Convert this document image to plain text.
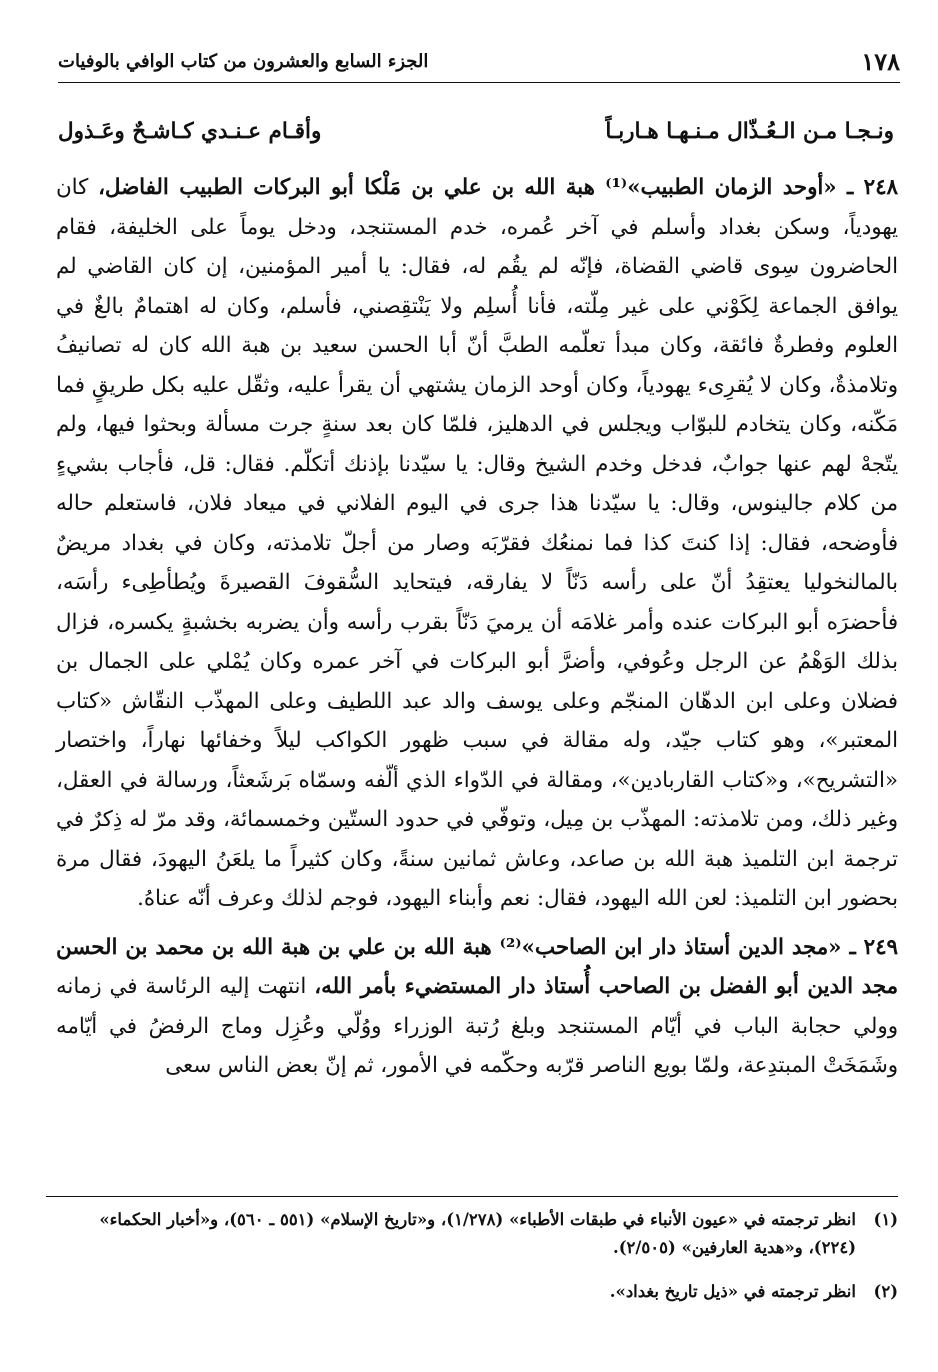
١٧٨
الجزء السابع والعشرون من كتاب الوافي بالوفيات
ونـجـا مـن الـعُـذّال مـنـهـا هـاربـاً
وأقـام عـنـدي كـاشـحٌ وعَـذول

٢٤٨ ـ «أوحد الزمان الطبيب»⁽¹⁾ هبة الله بن علي بن مَلْكا أبو البركات الطبيب الفاضل، كان يهودياً، وسكن بغداد وأسلم في آخر عُمره، خدم المستنجد، ودخل يوماً على الخليفة، فقام الحاضرون سِوى قاضي القضاة، فإنّه لم يقُم له، فقال: يا أمير المؤمنين، إن كان القاضي لم يوافق الجماعة لِكَوْني على غير مِلّته، فأنا أُسلِم ولا يَنْتقِصني، فأسلم، وكان له اهتمامٌ بالغٌ في العلوم وفطرةٌ فائقة، وكان مبدأ تعلّمه الطبَّ أنّ أبا الحسن سعيد بن هبة الله كان له تصانيفُ وتلامذةٌ، وكان لا يُقرِىء يهودياً، وكان أوحد الزمان يشتهي أن يقرأ عليه، وثقّل عليه بكل طريقٍ فما مَكّنه، وكان يتخادم للبوّاب ويجلس في الدهليز، فلمّا كان بعد سنةٍ جرت مسألة وبحثوا فيها، ولم يتّجهْ لهم عنها جوابٌ، فدخل وخدم الشيخ وقال: يا سيّدنا بإذنك أتكلّم. فقال: قل، فأجاب بشيءٍ من كلام جالينوس، وقال: يا سيّدنا هذا جرى في اليوم الفلاني في ميعاد فلان، فاستعلم حاله فأوضحه، فقال: إذا كنتَ كذا فما نمنعُك فقرّبَه وصار من أجلّ تلامذته، وكان في بغداد مريضٌ بالمالنخوليا يعتقِدُ أنّ على رأسه دَنّاً لا يفارقه، فيتحايد السُّقوفَ القصيرةَ ويُطأطِىء رأسَه، فأحضرَه أبو البركات عنده وأمر غلامَه أن يرميَ دَنّاً بقرب رأسه وأن يضربه بخشبةٍ يكسره، فزال بذلك الوَهْمُ عن الرجل وعُوفي، وأضرَّ أبو البركات في آخر عمره وكان يُمْلي على الجمال بن فضلان وعلى ابن الدهّان المنجّم وعلى يوسف والد عبد اللطيف وعلى المهذّب النقّاش «كتاب المعتبر»، وهو كتاب جيّد، وله مقالة في سبب ظهور الكواكب ليلاً وخفائها نهاراً، واختصار «التشريح»، و«كتاب القاربادين»، ومقالة في الدّواء الذي ألّفه وسمّاه بَرشَعثاً، ورسالة في العقل، وغير ذلك، ومن تلامذته: المهذّب بن مِيل، وتوفّي في حدود الستّين وخمسمائة، وقد مرّ له ذِكرٌ في ترجمة ابن التلميذ هبة الله بن صاعد، وعاش ثمانين سنةً، وكان كثيراً ما يلعَنُ اليهودَ، فقال مرة بحضور ابن التلميذ: لعن الله اليهود، فقال: نعم وأبناء اليهود، فوجم لذلك وعرف أنّه عناهُ.

٢٤٩ ـ «مجد الدين أستاذ دار ابن الصاحب»⁽²⁾ هبة الله بن علي بن هبة الله بن محمد بن الحسن مجد الدين أبو الفضل بن الصاحب أُستاذ دار المستضيء بأمر الله، انتهت إليه الرئاسة في زمانه وولي حجابة الباب في أيّام المستنجد وبلغ رُتبة الوزراء ووُلّي وعُزِل وماج الرفضُ في أيّامه وشَمَخَتْ المبتدِعة، ولمّا بويع الناصر قرّبه وحكّمه في الأمور، ثم إنّ بعض الناس سعى

(١)
انظر ترجمته في «عيون الأنباء في طبقات الأطباء» (١/٢٧٨)، و«تاريخ الإسلام» (٥٥١ ـ ٥٦٠)، و«أخبار الحكماء» (٢٢٤)، و«هدية العارفين» (٢/٥٠٥).

(٢)
انظر ترجمته في «ذيل تاريخ بغداد».
